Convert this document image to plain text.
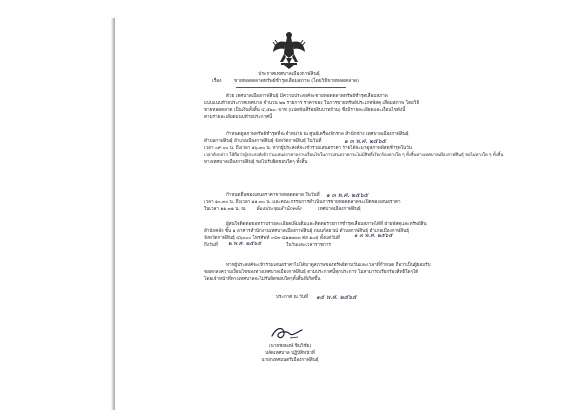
ประกาศเทศบาลเมืองกาฬสินธุ์
เรื่อง	ขายทอดตลาดทรัพย์ชำรุดเสื่อมสภาพ (โดยวิธีขายทอดตลาด)
ด้วย เทศบาลเมืองกาฬสินธุ์ มีความประสงค์จะขายทอดตลาดทรัพย์ชำรุดเสื่อมสภาพ
แบบแนบท้ายประกาศเทศบาล จำนวน ๒๒ รายการ ราคาของ ในการขายทรัพย์ประเภทพัสดุ เสื่อมสภาพ โดยวิธี
ขายทอดตลาด เป็นเงินทั้งสิ้น ๔,๕๒๐.-บาท (แปดพันสี่ร้อยสิบบาทถ้วน) ซึ่งมีรายละเอียดและเงื่อนไขดังนี้
ตามรายละเอียดแนบท้ายประกาศนี้
กำหนดดูสภาพทรัพย์ชำรุดที่จะจำหน่าย ณ ศูนย์เครื่องจักรกล สำนักช่าง เทศบาลเมืองกาฬสินธุ์
ตำบลกาฬสินธุ์ อำเภอเมืองกาฬสินธุ์ จังหวัดกาฬสินธุ์ ในวันที่	๑ ๓ พ.ศ. ๒๕๖๕
เวลา ๐๙.๐๐ น. ถึงเวลา ๑๖.๓๐ น. หากผู้ประสงค์จะเข้าร่วมเสนอราคา รายได้จะมาดูสภาพพัสดุชำรุดในวัน
เวลาดังกล่าว ให้ถือว่าผู้ประสงค์เข้าร่วมเสนอราคาทราบเงื่อนไขในการเสนอราคาจะไม่มีสิทธิ์เรียกร้องทางใด ๆ ทั้งสิ้นทางเทศบาลเมืองกาฬสินธุ์ ขอไม่ทางใด ๆ ทั้งสิ้น
ทางเทศบาลเมืองกาฬสินธุ์ ขอไม่รับผิดชอบใดๆ ทั้งสิ้น
กำหนดยื่นซองเสนอราคาขายทอดตลาด ในวันที่ ๑ ๓ พ.ศ. ๒๕๖๕
เวลา ๑๐.๓๐ น. ถึงเวลา ๑๑.๓๐ น. และคณะกรรมการดำเนินการขายทอดตลาดจะเปิดซองเสนอราคา
ในเวลา ๑๑.๓๑ น. ณ ห้องประชุมสำนักคลัง	เทศบาลเมืองกาฬสินธุ์
ผู้สนใจติดต่อขอทราบรายละเอียดเพิ่มเติมและติดต่อรายการชำรุดเสื่อมสภาพได้ที่ ฝ่ายพัสดุและทรัพย์สิน
สำนักคลัง ชั้น ๑ อาคารสำนักงานเทศบาลเมืองกาฬสินธุ์ ถนนกัลยาณ์ ตำบลกาฬสินธุ์ อำเภอเมืองกาฬสินธุ์
จังหวัดกาฬสินธุ์ ๔๖๐๐๐ โทรศัพท์ ๐๔๓-๘๑๑๗๐๓ ต่อ ๑๐๕ ตั้งแต่วันที่	๑ ๓ พ.ศ. ๒๕๖๕
ถึงวันที่ ๒ พ.ศ. ๒๕๖๕	ในวันและเวลาราชการ
หากผู้ประสงค์จะเข้าร่วมเสนอราคาไม่ได้มาดูสภาพของทรัพย์ตามวันและเวลาที่กำหนด ถือว่าเป็นผู้ยอมรับ
ขอตกลงความเงื่อนไขของทางเทศบาลเมืองกาฬสินธุ์ ตามประกาศนี้ทุกประการ ไม่สามารถเรียกร้องสิทธิใดๆได้
โดยเจ้าหน้าที่ทางเทศบาลจะไม่รับผิดชอบใดๆทั้งสิ้นที่เกิดขึ้น
ประกาศ ณ วันที่ ๑๕ พ.ศ. ๒๕๖๕
(นายชยพงษ์ ชินวิชัย)
ปลัดเทศบาล ปฏิบัติหน้าที่
นายกเทศมนตรีเมืองกาฬสินธุ์
